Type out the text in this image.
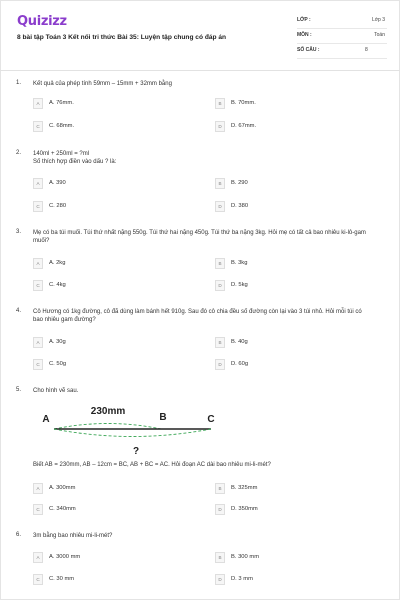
Quizizz
8 bài tập Toán 3 Kết nối tri thức Bài 35: Luyện tập chung có đáp án
LỚP :	Lớp 3
MÔN :	Toán
SỐ CÂU :	8
1. Kết quả của phép tính 59mm – 15mm + 32mm bằng
A	A. 76mm.	B	B. 70mm.
C	C. 68mm.	D	D. 67mm.
2. 140ml + 250ml = ?ml
Số thích hợp điền vào dấu ? là:
A	A. 390	B	B. 290
C	C. 280	D	D. 380
3. Mẹ có ba túi muối. Túi thứ nhất nặng 550g. Túi thứ hai nặng 450g. Túi thứ ba nặng 3kg. Hỏi mẹ có tất cả bao nhiêu ki-lô-gam muối?
A	A. 2kg	B	B. 3kg
C	C. 4kg	D	D. 5kg
4. Cô Hương có 1kg đường, cô đã dùng làm bánh hết 910g. Sau đó cô chia đều số đường còn lại vào 3 túi nhỏ. Hỏi mỗi túi có bao nhiêu gam đường?
A	A. 30g	B	B. 40g
C	C. 50g	D	D. 60g
5. Cho hình vẽ sau.
A
230mm
B	C
?
Biết AB = 230mm, AB – 12cm = BC, AB + BC = AC. Hỏi đoạn AC dài bao nhiêu mi-li-mét?
A	A. 300mm	B	B. 325mm
C	C. 340mm	D	D. 350mm
6. 3m bằng bao nhiêu mi-li-mét?
A	A. 3000 mm	B	B. 300 mm
C	C. 30 mm	D	D. 3 mm
